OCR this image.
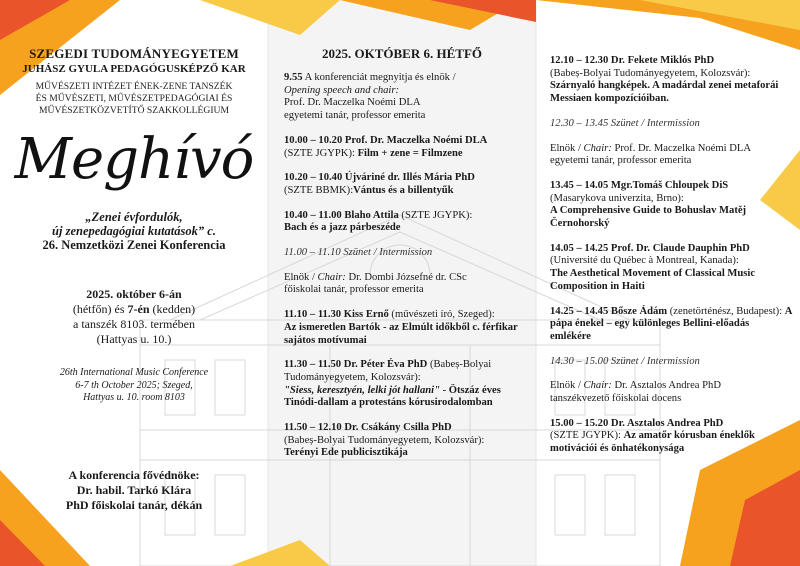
SZEGEDI TUDOMÁNYEGYETEM
JUHÁSZ GYULA PEDAGÓGUSKÉPZŐ KAR
MŰVÉSZETI INTÉZET ÉNEK-ZENE TANSZÉK
ÉS MŰVÉSZETI, MŰVÉSZETPEDAGÓGIAI ÉS
MŰVÉSZETKÖZVETÍTŐ SZAKKOLLÉGIUM
Meghívó
„Zenei évfordulók,
új zenepedagógiai kutatások” c.
26. Nemzetközi Zenei Konferencia
2025. október 6-án
(hétfőn) és 7-én (kedden)
a tanszék 8103. termében
(Hattyas u. 10.)
26th International Music Conference
6-7 th October 2025; Szeged,
Hattyas u. 10. room 8103
A konferencia fővédnöke:
Dr. habil. Tarkó Klára
PhD főiskolai tanár, dékán
2025. OKTÓBER 6. HÉTFŐ
9.55 A konferenciát megnyitja és elnök /
Opening speech and chair:
Prof. Dr. Maczelka Noémi DLA
egyetemi tanár, professor emerita
10.00 – 10.20 Prof. Dr. Maczelka Noémi DLA
(SZTE JGYPK): Film + zene = Filmzene
10.20 – 10.40 Újváriné dr. Illés Mária PhD
(SZTE BBMK):Vántus és a billentyűk
10.40 – 11.00 Blaho Attila (SZTE JGYPK):
Bach és a jazz párbeszéde
11.00 – 11.10 Szünet / Intermission
Elnök / Chair: Dr. Dombi Józsefné dr. CSc
főiskolai tanár, professor emerita
11.10 – 11.30 Kiss Ernő (művészeti író, Szeged):
Az ismeretlen Bartók - az Elmúlt időkből c. férfikar sajátos motívumai
11.30 – 11.50 Dr. Péter Éva PhD (Babeș-Bolyai Tudományegyetem, Kolozsvár):
"Siess, keresztyén, lelki jót hallani" - Ötszáz éves Tinódi-dallam a protestáns kórusirodalomban
11.50 – 12.10 Dr. Csákány Csilla PhD
(Babeș-Bolyai Tudományegyetem, Kolozsvár):
Terényi Ede publicisztikája
12.10 – 12.30 Dr. Fekete Miklós PhD
(Babeș-Bolyai Tudományegyetem, Kolozsvár):
Szárnyaló hangképek. A madárdal zenei metaforái Messiaen kompozícióiban.
12.30 – 13.45 Szünet / Intermission
Elnök / Chair: Prof. Dr. Maczelka Noémi DLA
egyetemi tanár, professor emerita
13.45 – 14.05 Mgr.Tomáš Chloupek DiS
(Masarykova univerzita, Brno):
A Comprehensive Guide to Bohuslav Matěj Černohorský
14.05 – 14.25 Prof. Dr. Claude Dauphin PhD
(Université du Québec à Montreal, Kanada):
The Aesthetical Movement of Classical Music Composition in Haiti
14.25 – 14.45 Bősze Ádám (zenetörténész, Budapest): A pápa énekel – egy különleges Bellini-előadás emlékére
14.30 – 15.00 Szünet / Intermission
Elnök / Chair: Dr. Asztalos Andrea PhD
tanszékvezető főiskolai docens
15.00 – 15.20 Dr. Asztalos Andrea PhD
(SZTE JGYPK): Az amatőr kórusban éneklők motivációi és önhatékonysága
